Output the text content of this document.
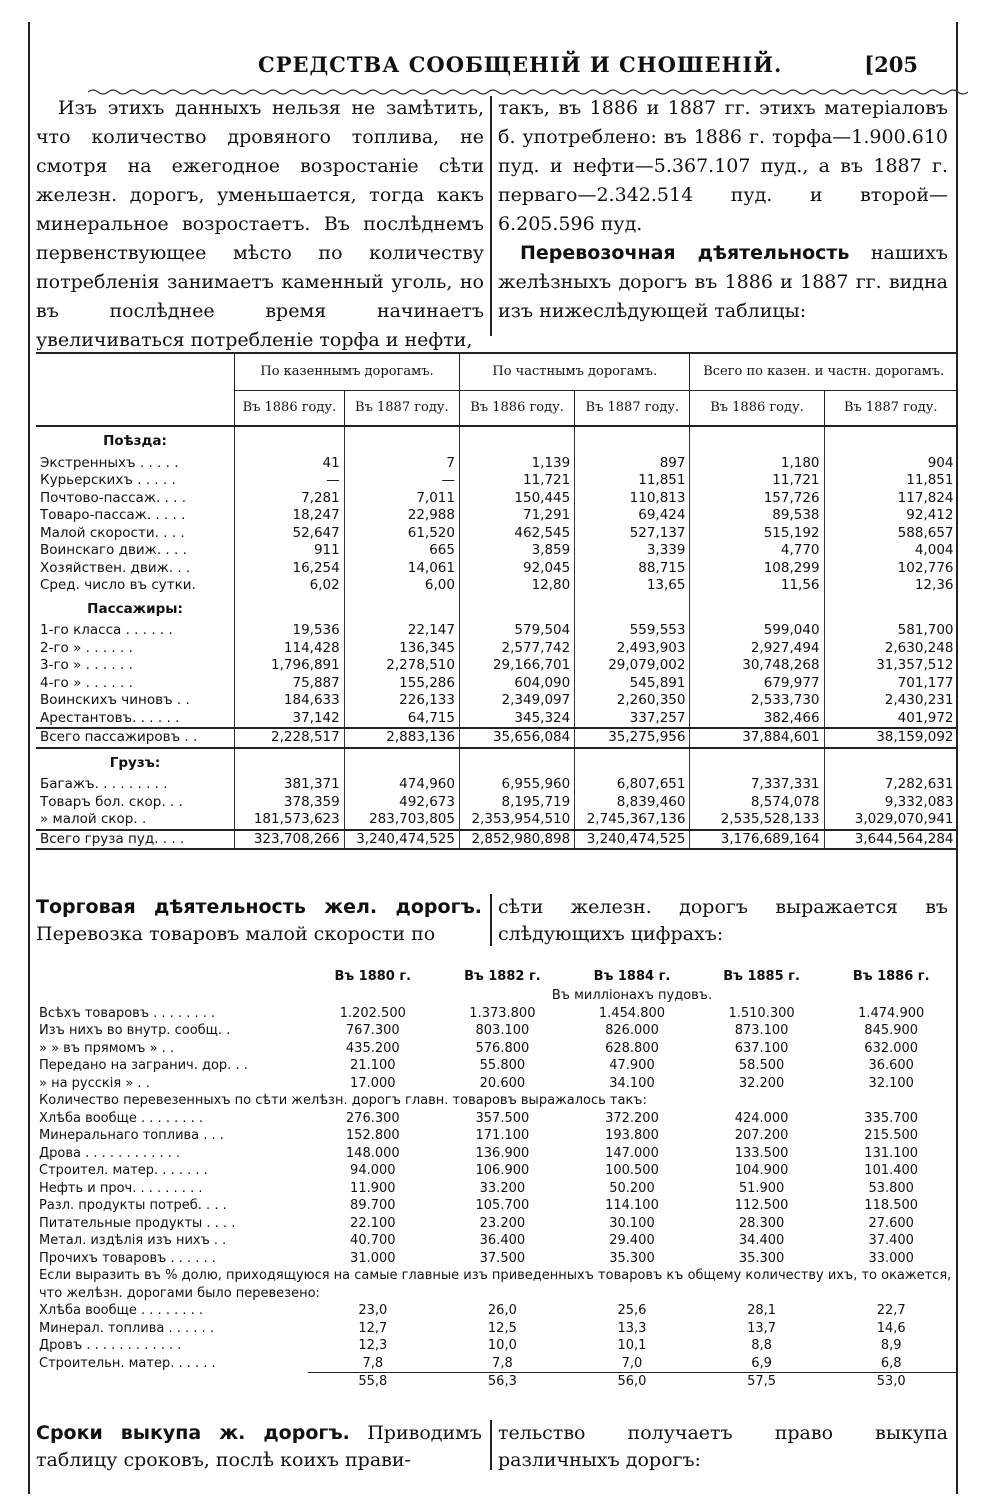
СРЕДСТВА СООБЩЕНІЙ И СНОШЕНІЙ.	[205

Изъ этихъ данныхъ нельзя не замѣтить, что количество дровяного топлива, не смотря на ежегодное возростаніе сѣти железн. дорогъ, уменьшается, тогда какъ минеральное возростаетъ. Въ послѣднемъ первенствующее мѣсто по количеству потребленія занимаетъ каменный уголь, но въ послѣднее время начинаетъ увеличиваться потребленіе торфа и нефти,

такъ, въ 1886 и 1887 гг. этихъ матеріаловъ б. употреблено: въ 1886 г. торфа—1.900.610 пуд. и нефти—5.367.107 пуд., а въ 1887 г. перваго—2.342.514 пуд. и второй—6.205.596 пуд.

Перевозочная дѣятельность нашихъ желѣзныхъ дорогъ въ 1886 и 1887 гг. видна изъ нижеслѣдующей таблицы:

	По казеннымъ дорогамъ.		По частнымъ дорогамъ.		Всего по казен. и частн. дорогамъ.	
	Въ 1886 году.	Въ 1887 году.	Въ 1886 году.	Въ 1887 году.	Въ 1886 году.	Въ 1887 году.
Поѣзда:						
Экстренныхъ . . . . .	41	7	1,139	897	1,180	904
Курьерскихъ . . . . .	—	—	11,721	11,851	11,721	11,851
Почтово-пассаж. . . .	7,281	7,011	150,445	110,813	157,726	117,824
Товаро-пассаж. . . . .	18,247	22,988	71,291	69,424	89,538	92,412
Малой скорости. . . .	52,647	61,520	462,545	527,137	515,192	588,657
Воинскаго движ. . . .	911	665	3,859	3,339	4,770	4,004
Хозяйствен. движ. . .	16,254	14,061	92,045	88,715	108,299	102,776
Сред. число въ сутки.	6,02	6,00	12,80	13,65	11,56	12,36
Пассажиры:						
1-го класса . . . . . .	19,536	22,147	579,504	559,553	599,040	581,700
2-го » . . . . . .	114,428	136,345	2,577,742	2,493,903	2,927,494	2,630,248
3-го » . . . . . .	1,796,891	2,278,510	29,166,701	29,079,002	30,748,268	31,357,512
4-го » . . . . . .	75,887	155,286	604,090	545,891	679,977	701,177
Воинскихъ чиновъ . .	184,633	226,133	2,349,097	2,260,350	2,533,730	2,430,231
Арестантовъ. . . . . .	37,142	64,715	345,324	337,257	382,466	401,972
Всего пассажировъ . .	2,228,517	2,883,136	35,656,084	35,275,956	37,884,601	38,159,092
Грузъ:						
Багажъ. . . . . . . . .	381,371	474,960	6,955,960	6,807,651	7,337,331	7,282,631
Товаръ бол. скор. . .	378,359	492,673	8,195,719	8,839,460	8,574,078	9,332,083
» малой скор. .	181,573,623	283,703,805	2,353,954,510	2,745,367,136	2,535,528,133	3,029,070,941
Всего груза пуд. . . .	323,708,266	3,240,474,525	2,852,980,898	3,240,474,525	3,176,689,164	3,644,564,284
Торговая дѣятельность жел. дорогъ. Перевозка товаровъ малой скорости по
сѣти железн. дорогъ выражается въ слѣдующихъ цифрахъ:
	Въ 1880 г.	Въ 1882 г.	Въ 1884 г.	Въ 1885 г.	Въ 1886 г.
	Въ милліонахъ пудовъ.				
Всѣхъ товаровъ . . . . . . . .	1.202.500	1.373.800	1.454.800	1.510.300	1.474.900
Изъ нихъ во внутр. сообщ. .	767.300	803.100	826.000	873.100	845.900
» » въ прямомъ » . .	435.200	576.800	628.800	637.100	632.000
Передано на загранич. дор. . .	21.100	55.800	47.900	58.500	36.600
» на русскія » . .	17.000	20.600	34.100	32.200	32.100
Количество перевезенныхъ по сѣти желѣзн. дорогъ главн. товаровъ выражалось такъ:					
Хлѣба вообще . . . . . . . .	276.300	357.500	372.200	424.000	335.700
Минеральнаго топлива . . .	152.800	171.100	193.800	207.200	215.500
Дрова . . . . . . . . . . . .	148.000	136.900	147.000	133.500	131.100
Строител. матер. . . . . . .	94.000	106.900	100.500	104.900	101.400
Нефть и проч. . . . . . . . .	11.900	33.200	50.200	51.900	53.800
Разл. продукты потреб. . . .	89.700	105.700	114.100	112.500	118.500
Питательные продукты . . . .	22.100	23.200	30.100	28.300	27.600
Метал. издѣлія изъ нихъ . .	40.700	36.400	29.400	34.400	37.400
Прочихъ товаровъ . . . . . .	31.000	37.500	35.300	35.300	33.000
Если выразить въ % долю, приходящуюся на самые главные изъ приведенныхъ товаровъ къ общему количеству ихъ, то окажется, что желѣзн. дорогами было перевезено:					
Хлѣба вообще . . . . . . . .	23,0	26,0	25,6	28,1	22,7
Минерал. топлива . . . . . .	12,7	12,5	13,3	13,7	14,6
Дровъ . . . . . . . . . . . .	12,3	10,0	10,1	8,8	8,9
Строительн. матер. . . . . .	7,8	7,8	7,0	6,9	6,8
	55,8	56,3	56,0	57,5	53,0
Сроки выкупа ж. дорогъ. Приводимъ таблицу сроковъ, послѣ коихъ прави-
тельство получаетъ право выкупа различныхъ дорогъ:
